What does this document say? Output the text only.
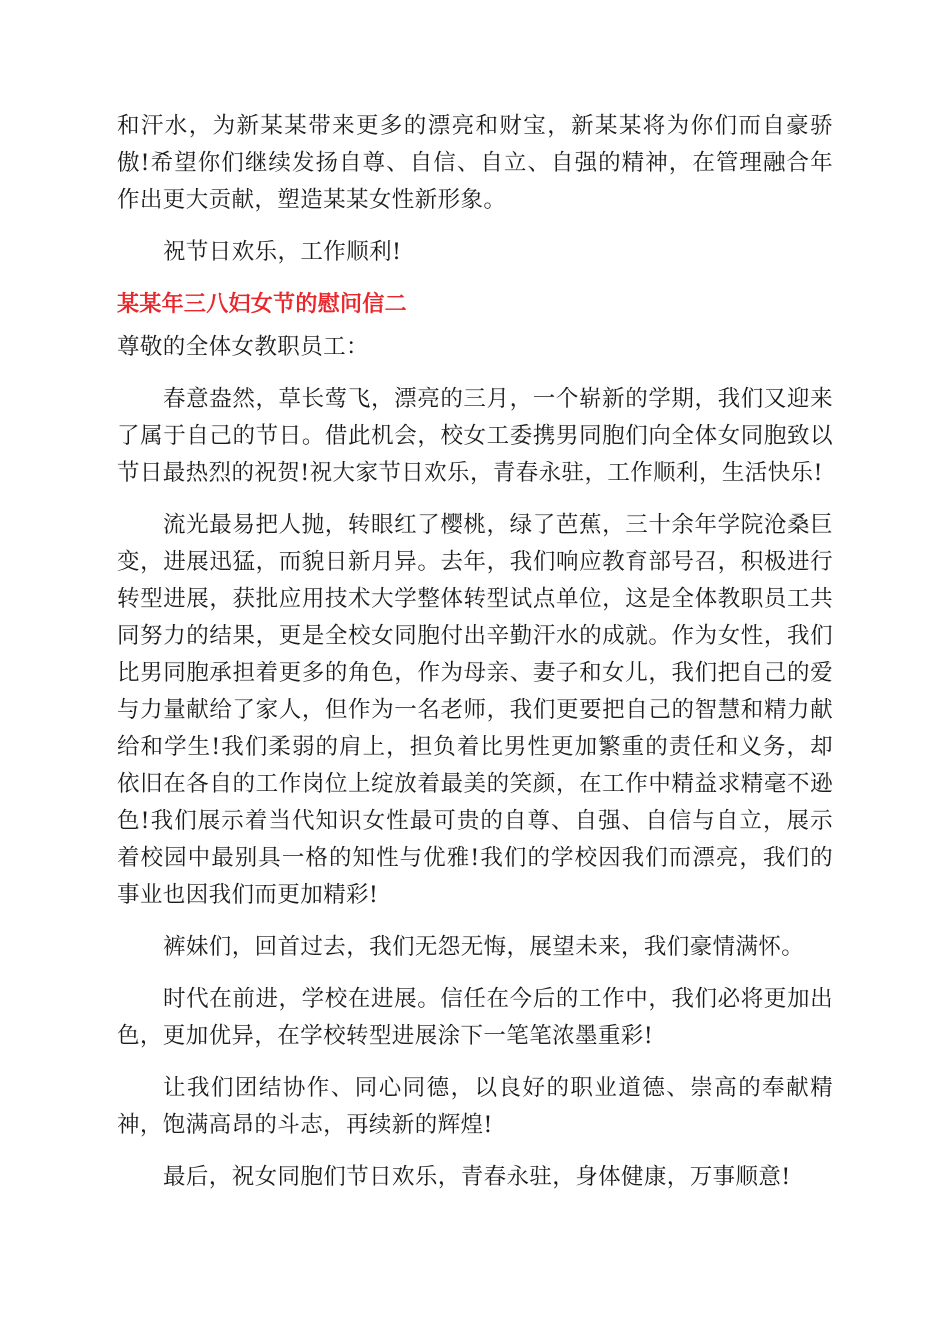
和汗水，为新某某带来更多的漂亮和财宝，新某某将为你们而自豪骄傲!希望你们继续发扬自尊、自信、自立、自强的精神，在管理融合年作出更大贡献，塑造某某女性新形象。

祝节日欢乐，工作顺利!

某某年三八妇女节的慰问信二

尊敬的全体女教职员工：

春意盎然，草长莺飞，漂亮的三月，一个崭新的学期，我们又迎来了属于自己的节日。借此机会，校女工委携男同胞们向全体女同胞致以节日最热烈的祝贺!祝大家节日欢乐，青春永驻，工作顺利，生活快乐!

流光最易把人抛，转眼红了樱桃，绿了芭蕉，三十余年学院沧桑巨变，进展迅猛，而貌日新月异。去年，我们响应教育部号召，积极进行转型进展，获批应用技术大学整体转型试点单位，这是全体教职员工共同努力的结果，更是全校女同胞付出辛勤汗水的成就。作为女性，我们比男同胞承担着更多的角色，作为母亲、妻子和女儿，我们把自己的爱与力量献给了家人，但作为一名老师，我们更要把自己的智慧和精力献给和学生!我们柔弱的肩上，担负着比男性更加繁重的责任和义务，却依旧在各自的工作岗位上绽放着最美的笑颜，在工作中精益求精毫不逊色!我们展示着当代知识女性最可贵的自尊、自强、自信与自立，展示着校园中最别具一格的知性与优雅!我们的学校因我们而漂亮，我们的事业也因我们而更加精彩!

裤妹们，回首过去，我们无怨无悔，展望未来，我们豪情满怀。

时代在前进，学校在进展。信任在今后的工作中，我们必将更加出色，更加优异，在学校转型进展涂下一笔笔浓墨重彩!

让我们团结协作、同心同德，以良好的职业道德、崇高的奉献精神，饱满高昂的斗志，再续新的辉煌!

最后，祝女同胞们节日欢乐，青春永驻，身体健康，万事顺意!
